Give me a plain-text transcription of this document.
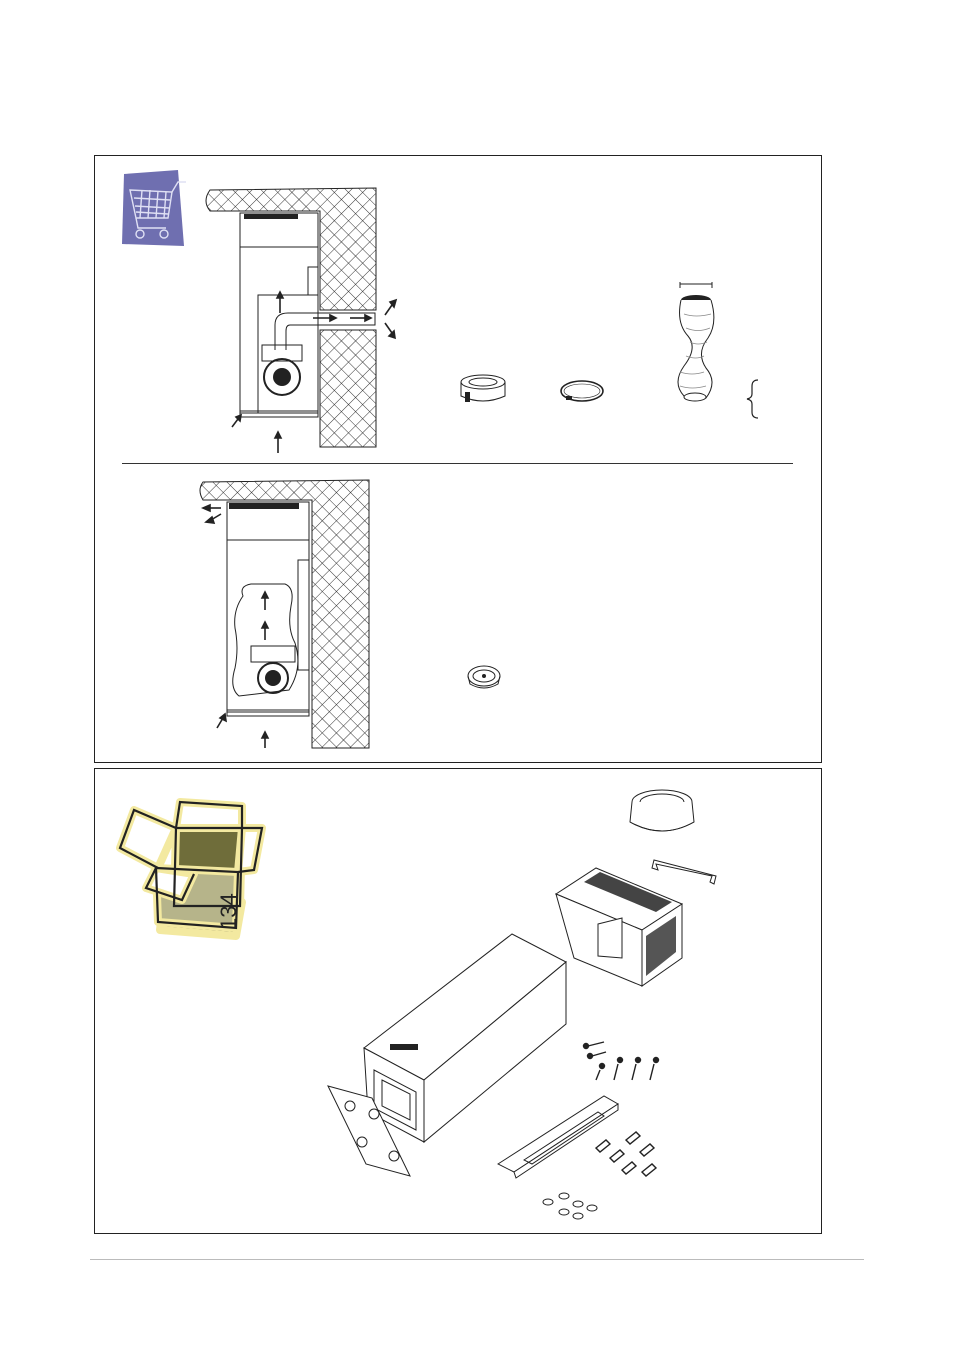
134
